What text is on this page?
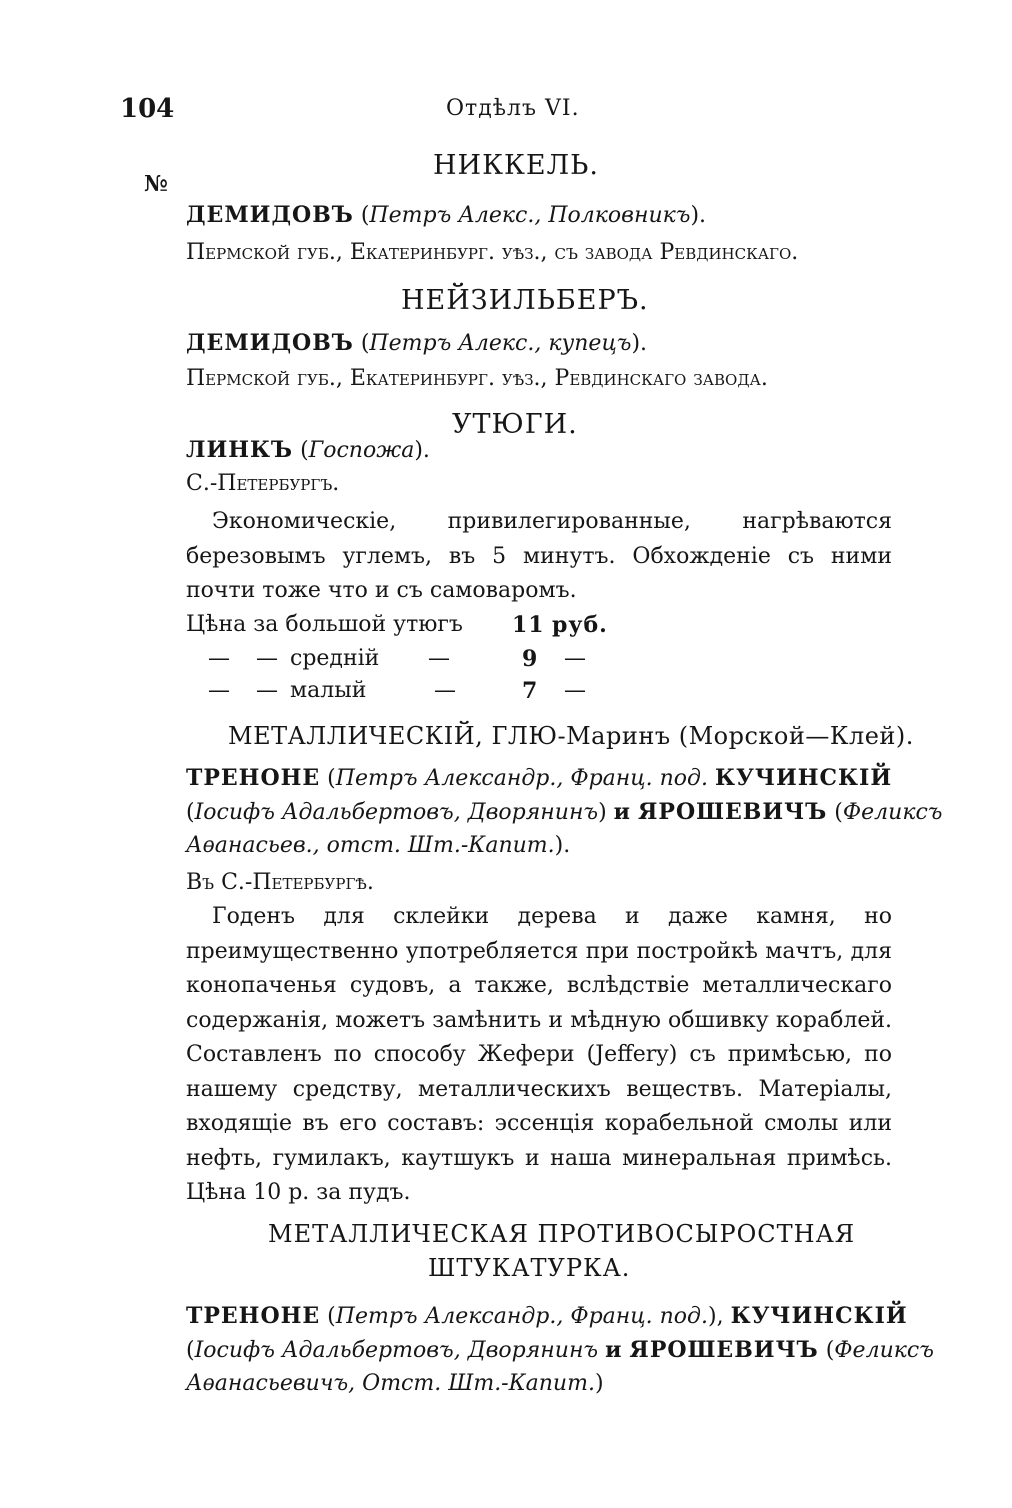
104	Отдѣлъ VI.
№
НИККЕЛЬ.
ДЕМИДОВЪ (Петръ Алекс., Полковникъ).
Пермской губ., Екатеринбург. уѣз., съ завода Ревдинскаго.
НЕЙЗИЛЬБЕРЪ.
ДЕМИДОВЪ (Петръ Алекс., купецъ).
Пермской губ., Екатеринбург. уѣз., Ревдинскаго завода.
УТЮГИ.
ЛИНКЪ (Госпожа).
С.-Петербургъ.
Экономическіе, привилегированные, нагрѣваются березовымъ углемъ, въ 5 минутъ. Обхожденіе съ ними почти тоже что и съ самоваромъ.
Цѣна за большой утюгъ 11 руб.
— — средній —	9 —
— — малый	—	7 —
МЕТАЛЛИЧЕСКІЙ, ГЛЮ-Маринъ (Морской—Клей).
ТРЕНОНЕ (Петръ Александр., Франц. под. КУЧИНСКІЙ
(Іосифъ Адальбертовъ, Дворянинъ) и ЯРОШЕВИЧЪ (Феликсъ
Аѳанасьев., отст. Шт.-Капит.).
Въ С.-Петербургѣ.
Годенъ для склейки дерева и даже камня, но преимущественно употребляется при постройкѣ мачтъ, для конопаченья судовъ, а также, вслѣдствіе металлическаго содержанія, можетъ замѣнить и мѣдную обшивку кораблей. Составленъ по способу Жефери (Jeffery) съ примѣсью, по нашему средству, металлическихъ веществъ. Матеріалы, входящіе въ его составъ: эссенція корабельной смолы или нефть, гумилакъ, каутшукъ и наша минеральная примѣсь. Цѣна 10 р. за пудъ.
МЕТАЛЛИЧЕСКАЯ ПРОТИВОСЫРОСТНАЯ
ШТУКАТУРКА.
ТРЕНОНЕ (Петръ Александр., Франц. под.), КУЧИНСКІЙ
(Іосифъ Адальбертовъ, Дворянинъ и ЯРОШЕВИЧЪ (Феликсъ
Аѳанасьевичъ, Отст. Шт.-Капит.)
